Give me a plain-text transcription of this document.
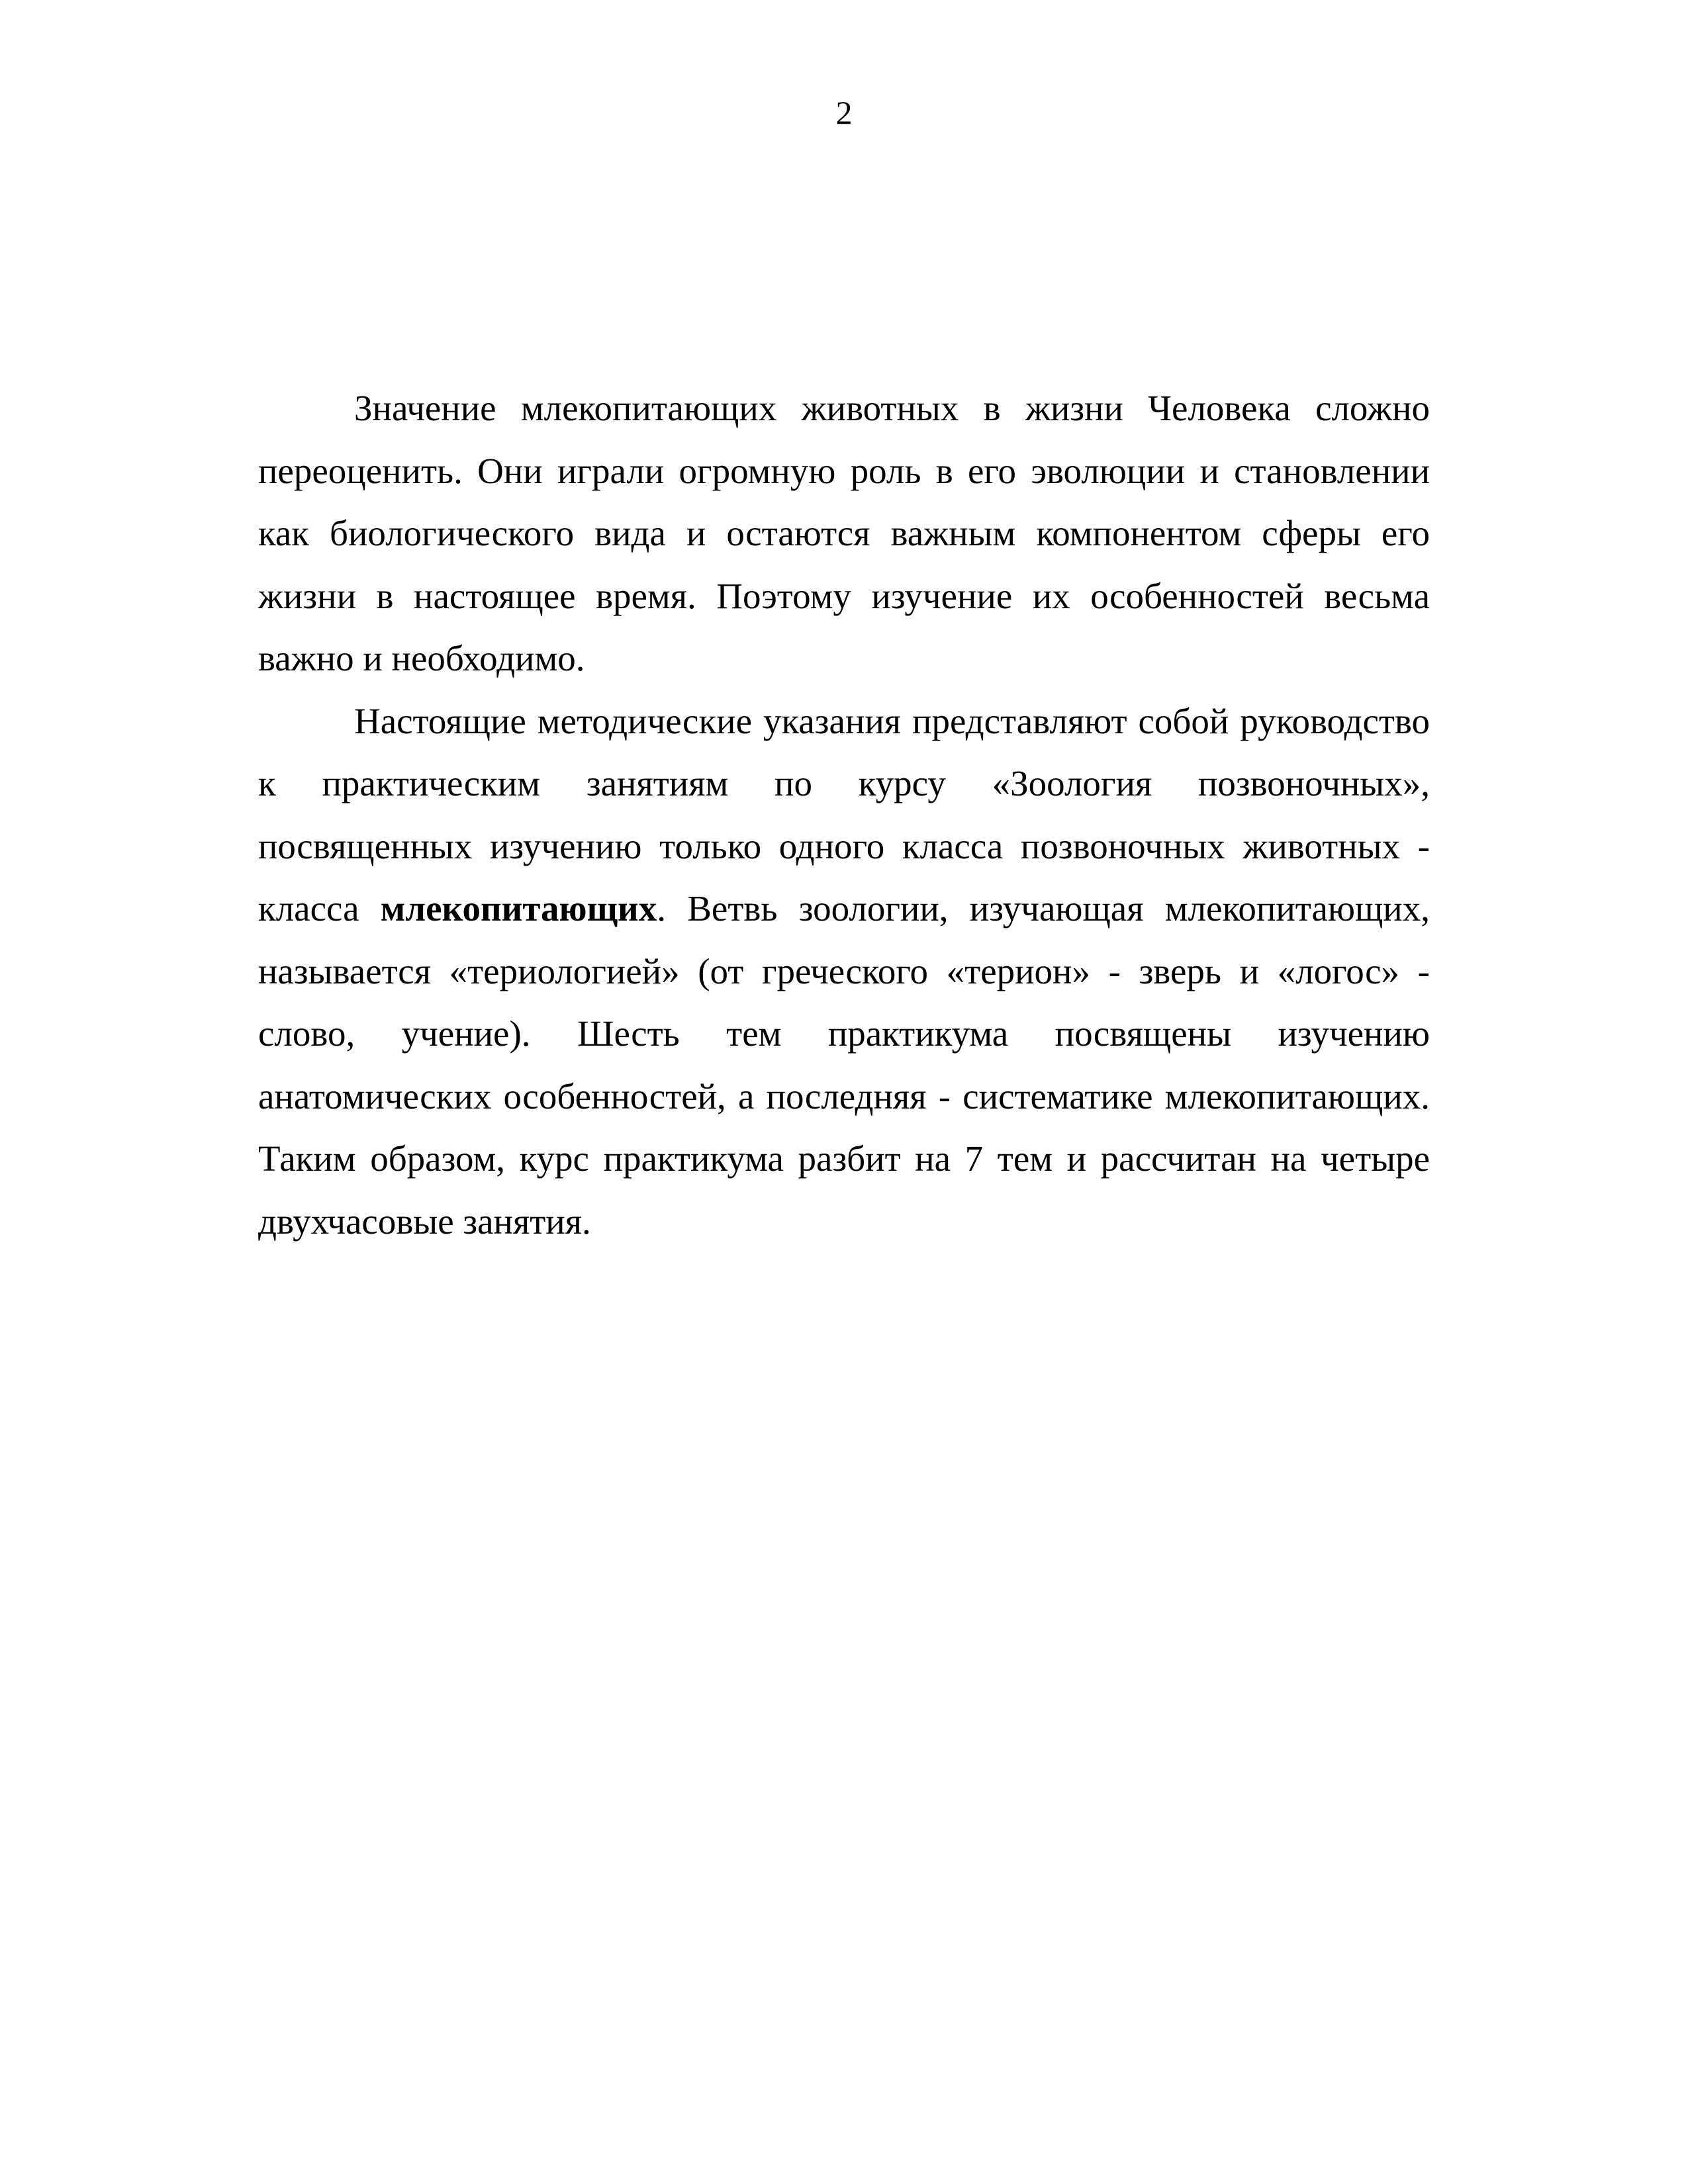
2

Значение млекопитающих животных в жизни Человека сложно переоценить. Они играли огромную роль в его эволюции и становлении как биологического вида и остаются важным компонентом сферы его жизни в настоящее время. Поэтому изучение их особенностей весьма важно и необходимо.

Настоящие методические указания представляют собой руководство к практическим занятиям по курсу «Зоология позвоночных», посвященных изучению только одного класса позвоночных животных - класса млекопитающих. Ветвь зоологии, изучающая млекопитающих, называется «териологией» (от греческого «терион» - зверь и «логос» - слово, учение). Шесть тем практикума посвящены изучению анатомических особенностей, а последняя - систематике млекопитающих. Таким образом, курс практикума разбит на 7 тем и рассчитан на четыре двухчасовые занятия.
